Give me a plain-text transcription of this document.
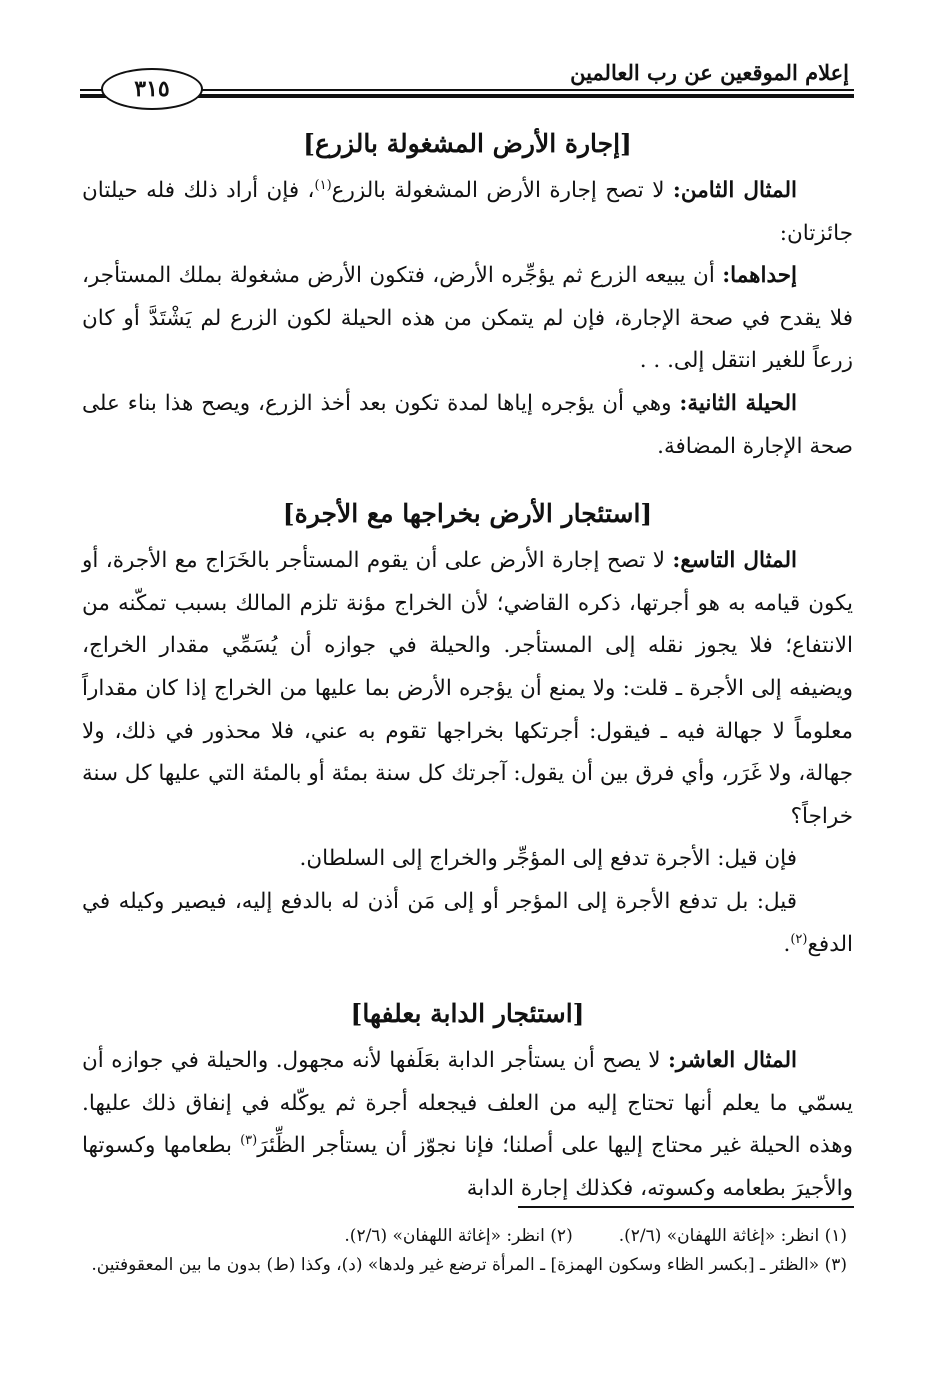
إعلام الموقعين عن رب العالمين
٣١٥
[إجارة الأرض المشغولة بالزرع]

المثال الثامن: لا تصح إجارة الأرض المشغولة بالزرع$^{(١)}$، فإن أراد ذلك فله حيلتان جائزتان:

إحداهما: أن يبيعه الزرع ثم يؤجِّره الأرض، فتكون الأرض مشغولة بملك المستأجر، فلا يقدح في صحة الإجارة، فإن لم يتمكن من هذه الحيلة لكون الزرع لم يَشْتَدَّ أو كان زرعاً للغير انتقل إلى. . .

الحيلة الثانية: وهي أن يؤجره إياها لمدة تكون بعد أخذ الزرع، ويصح هذا بناء على صحة الإجارة المضافة.

[استئجار الأرض بخراجها مع الأجرة]

المثال التاسع: لا تصح إجارة الأرض على أن يقوم المستأجر بالخَرَاج مع الأجرة، أو يكون قيامه به هو أجرتها، ذكره القاضي؛ لأن الخراج مؤنة تلزم المالك بسبب تمكّنه من الانتفاع؛ فلا يجوز نقله إلى المستأجر. والحيلة في جوازه أن يُسَمِّي مقدار الخراج، ويضيفه إلى الأجرة ـ قلت: ولا يمنع أن يؤجره الأرض بما عليها من الخراج إذا كان مقداراً معلوماً لا جهالة فيه ـ فيقول: أجرتكها بخراجها تقوم به عني، فلا محذور في ذلك، ولا جهالة، ولا غَرَر، وأي فرق بين أن يقول: آجرتك كل سنة بمئة أو بالمئة التي عليها كل سنة خراجاً؟

فإن قيل: الأجرة تدفع إلى المؤجِّر والخراج إلى السلطان.

قيل: بل تدفع الأجرة إلى المؤجر أو إلى مَن أذن له بالدفع إليه، فيصير وكيله في الدفع$^{(٢)}$.

[استئجار الدابة بعلفها]

المثال العاشر: لا يصح أن يستأجر الدابة بعَلَفها لأنه مجهول. والحيلة في جوازه أن يسمّي ما يعلم أنها تحتاج إليه من العلف فيجعله أجرة ثم يوكّله في إنفاق ذلك عليها. وهذه الحيلة غير محتاج إليها على أصلنا؛ فإنا نجوّز أن يستأجر الظِّئرَ$^{(٣)}$ بطعامها وكسوتها والأجيرَ بطعامه وكسوته، فكذلك إجارة الدابة

(١) انظر: «إغاثة اللهفان» (٢/٦).
(٢) انظر: «إغاثة اللهفان» (٢/٦).

(٣) «الظئر ـ [بكسر الظاء وسكون الهمزة] ـ المرأة ترضع غير ولدها» (د)، وكذا (ط) بدون ما بين المعقوفتين.
